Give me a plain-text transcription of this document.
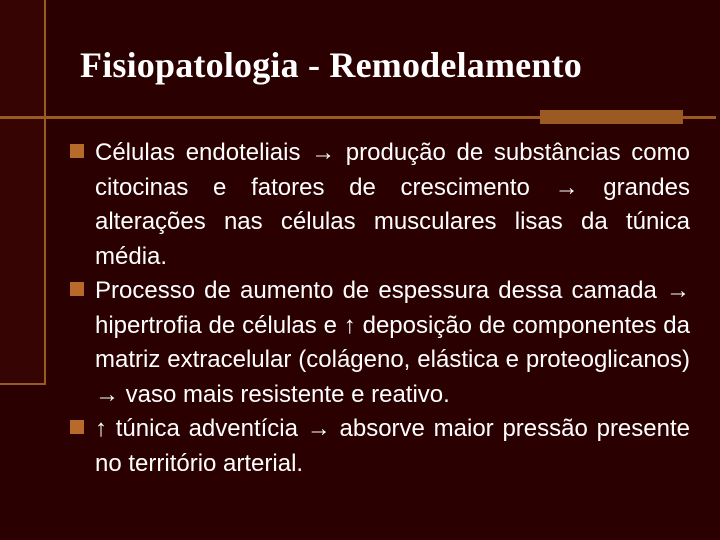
Fisiopatologia - Remodelamento
Células endoteliais → produção de substâncias como citocinas e fatores de crescimento → grandes alterações nas células musculares lisas da túnica média.
Processo de aumento de espessura dessa camada → hipertrofia de células e ↑ deposição de componentes da matriz extracelular (colágeno, elástica e proteoglicanos) → vaso mais resistente e reativo.
↑ túnica adventícia → absorve maior pressão presente no território arterial.
